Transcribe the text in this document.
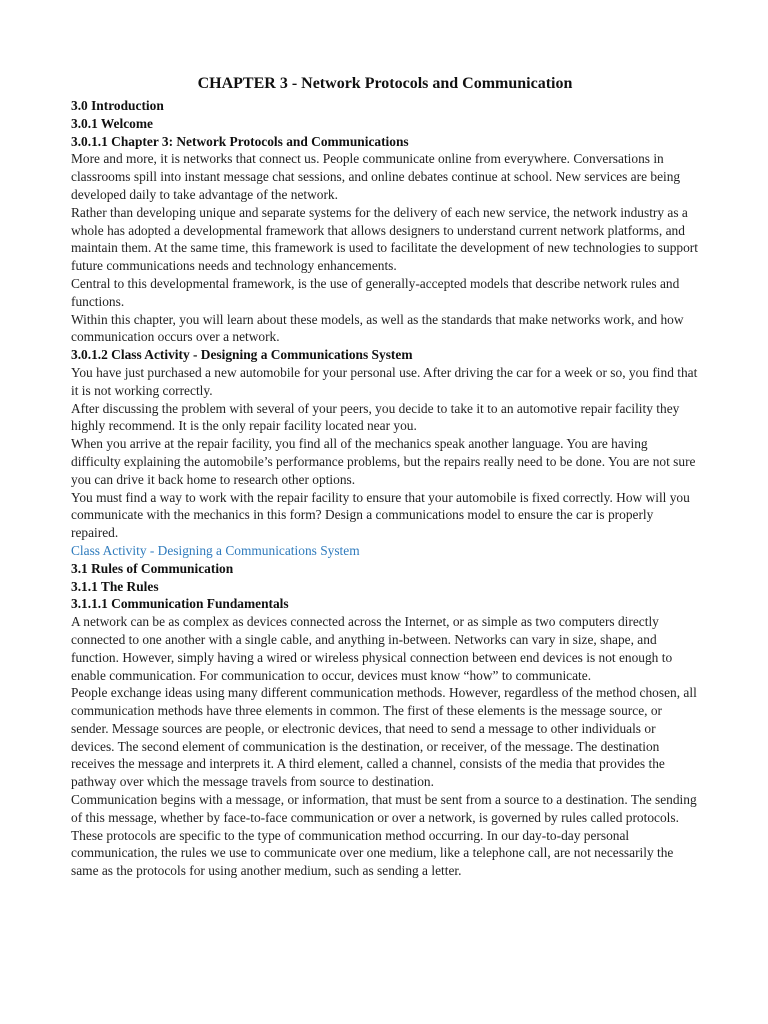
CHAPTER 3 - Network Protocols and Communication
3.0 Introduction
3.0.1 Welcome
3.0.1.1 Chapter 3: Network Protocols and Communications

More and more, it is networks that connect us. People communicate online from everywhere. Conversations in classrooms spill into instant message chat sessions, and online debates continue at school. New services are being developed daily to take advantage of the network.

Rather than developing unique and separate systems for the delivery of each new service, the network industry as a whole has adopted a developmental framework that allows designers to understand current network platforms, and maintain them. At the same time, this framework is used to facilitate the development of new technologies to support future communications needs and technology enhancements.

Central to this developmental framework, is the use of generally-accepted models that describe network rules and functions.

Within this chapter, you will learn about these models, as well as the standards that make networks work, and how communication occurs over a network.

3.0.1.2 Class Activity - Designing a Communications System

You have just purchased a new automobile for your personal use. After driving the car for a week or so, you find that it is not working correctly.

After discussing the problem with several of your peers, you decide to take it to an automotive repair facility they highly recommend. It is the only repair facility located near you.

When you arrive at the repair facility, you find all of the mechanics speak another language. You are having difficulty explaining the automobile’s performance problems, but the repairs really need to be done. You are not sure you can drive it back home to research other options.

You must find a way to work with the repair facility to ensure that your automobile is fixed correctly. How will you communicate with the mechanics in this form? Design a communications model to ensure the car is properly repaired.

Class Activity - Designing a Communications System
3.1 Rules of Communication
3.1.1 The Rules
3.1.1.1 Communication Fundamentals

A network can be as complex as devices connected across the Internet, or as simple as two computers directly connected to one another with a single cable, and anything in-between. Networks can vary in size, shape, and function. However, simply having a wired or wireless physical connection between end devices is not enough to enable communication. For communication to occur, devices must know “how” to communicate.

People exchange ideas using many different communication methods. However, regardless of the method chosen, all communication methods have three elements in common. The first of these elements is the message source, or sender. Message sources are people, or electronic devices, that need to send a message to other individuals or devices. The second element of communication is the destination, or receiver, of the message. The destination receives the message and interprets it. A third element, called a channel, consists of the media that provides the pathway over which the message travels from source to destination.

Communication begins with a message, or information, that must be sent from a source to a destination. The sending of this message, whether by face-to-face communication or over a network, is governed by rules called protocols. These protocols are specific to the type of communication method occurring. In our day-to-day personal communication, the rules we use to communicate over one medium, like a telephone call, are not necessarily the same as the protocols for using another medium, such as sending a letter.
